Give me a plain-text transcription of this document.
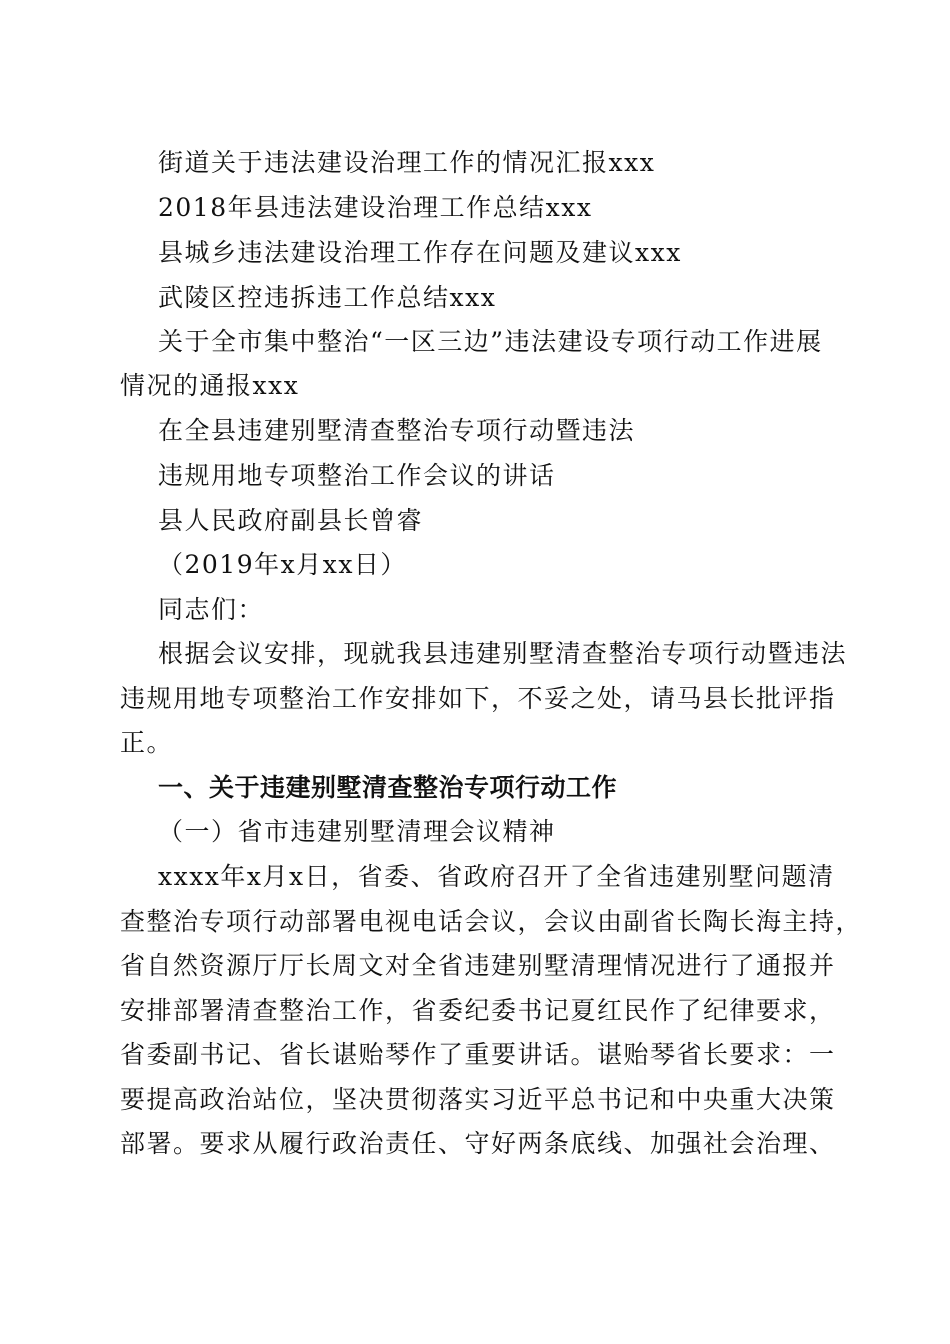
街道关于违法建设治理工作的情况汇报xxx
2018年县违法建设治理工作总结xxx
县城乡违法建设治理工作存在问题及建议xxx
武陵区控违拆违工作总结xxx
关于全市集中整治“一区三边”违法建设专项行动工作进展
情况的通报xxx
在全县违建别墅清查整治专项行动暨违法
违规用地专项整治工作会议的讲话
县人民政府副县长曾睿
（2019年x月xx日）
同志们：
根据会议安排，现就我县违建别墅清查整治专项行动暨违法
违规用地专项整治工作安排如下，不妥之处，请马县长批评指
正。
一、关于违建别墅清查整治专项行动工作
（一）省市违建别墅清理会议精神
xxxx年x月x日，省委、省政府召开了全省违建别墅问题清
查整治专项行动部署电视电话会议，会议由副省长陶长海主持，
省自然资源厅厅长周文对全省违建别墅清理情况进行了通报并
安排部署清查整治工作，省委纪委书记夏红民作了纪律要求，
省委副书记、省长谌贻琴作了重要讲话。谌贻琴省长要求：一
要提高政治站位，坚决贯彻落实习近平总书记和中央重大决策
部署。要求从履行政治责任、守好两条底线、加强社会治理、
